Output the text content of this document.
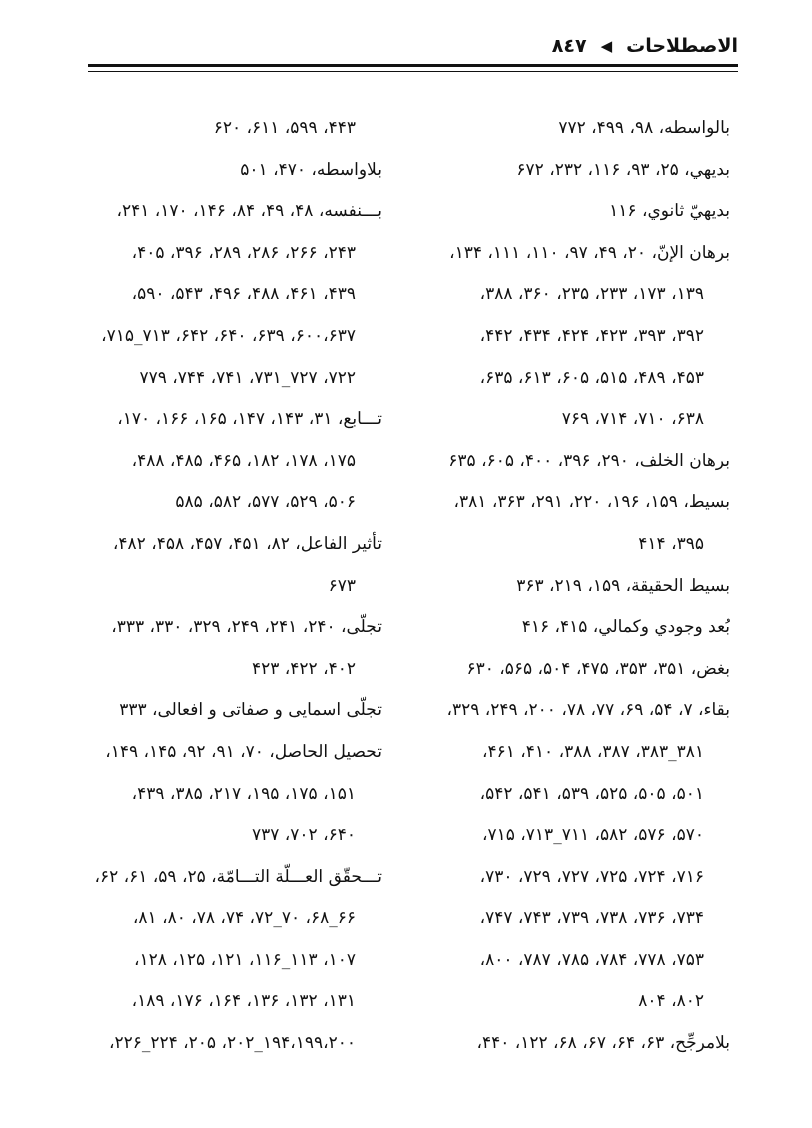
الاصطلاحات
◀
٨٤٧
بالواسطه، ۹۸، ۴۹۹، ۷۷۲
بديهي، ۲۵، ۹۳، ۱۱۶، ۲۳۲، ۶۷۲
بديهيّ ثانوي، ۱۱۶
برهان الإنّ، ۲۰، ۴۹، ۹۷، ۱۱۰، ۱۱۱، ۱۳۴،
۱۳۹، ۱۷۳، ۲۳۳، ۲۳۵، ۳۶۰، ۳۸۸،
۳۹۲، ۳۹۳، ۴۲۳، ۴۲۴، ۴۳۴، ۴۴۲،
۴۵۳، ۴۸۹، ۵۱۵، ۶۰۵، ۶۱۳، ۶۳۵،
۶۳۸، ۷۱۰، ۷۱۴، ۷۶۹
برهان الخلف، ۲۹۰، ۳۹۶، ۴۰۰، ۶۰۵، ۶۳۵
بسيط، ۱۵۹، ۱۹۶، ۲۲۰، ۲۹۱، ۳۶۳، ۳۸۱،
۳۹۵، ۴۱۴
بسيط الحقيقة، ۱۵۹، ۲۱۹، ۳۶۳
بُعد وجودي وكمالي، ۴۱۵، ۴۱۶
بغض، ۳۵۱، ۳۵۳، ۴۷۵، ۵۰۴، ۵۶۵، ۶۳۰
بقاء، ۷، ۵۴، ۶۹، ۷۷، ۷۸، ۲۰۰، ۲۴۹، ۳۲۹،
۳۸۱_۳۸۳، ۳۸۷، ۳۸۸، ۴۱۰، ۴۶۱،
۵۰۱، ۵۰۵، ۵۲۵، ۵۳۹، ۵۴۱، ۵۴۲،
۵۷۰، ۵۷۶، ۵۸۲، ۷۱۱_۷۱۳، ۷۱۵،
۷۱۶، ۷۲۴، ۷۲۵، ۷۲۷، ۷۲۹، ۷۳۰،
۷۳۴، ۷۳۶، ۷۳۸، ۷۳۹، ۷۴۳، ۷۴۷،
۷۵۳، ۷۷۸، ۷۸۴، ۷۸۵، ۷۸۷، ۸۰۰،
۸۰۲، ۸۰۴
بلامرجِّح، ۶۳، ۶۴، ۶۷، ۶۸، ۱۲۲، ۴۴۰،
۴۴۳، ۵۹۹، ۶۱۱، ۶۲۰
بلاواسطه، ۴۷۰، ۵۰۱
بـــنفسه، ۴۸، ۴۹، ۸۴، ۱۴۶، ۱۷۰، ۲۴۱،
۲۴۳، ۲۶۶، ۲۸۶، ۲۸۹، ۳۹۶، ۴۰۵،
۴۳۹، ۴۶۱، ۴۸۸، ۴۹۶، ۵۴۳، ۵۹۰،
۶۰۰،۶۳۷، ۶۳۹، ۶۴۰، ۶۴۲، ۷۱۳_۷۱۵،
۷۲۲، ۷۲۷_۷۳۱، ۷۴۱، ۷۴۴، ۷۷۹
تـــابع، ۳۱، ۱۴۳، ۱۴۷، ۱۶۵، ۱۶۶، ۱۷۰،
۱۷۵، ۱۷۸، ۱۸۲، ۴۶۵، ۴۸۵، ۴۸۸،
۵۰۶، ۵۲۹، ۵۷۷، ۵۸۲، ۵۸۵
تأثير الفاعل، ۸۲، ۴۵۱، ۴۵۷، ۴۵۸، ۴۸۲،
۶۷۳
تجلّی، ۲۴۰، ۲۴۱، ۲۴۹، ۳۲۹، ۳۳۰، ۳۳۳،
۴۰۲، ۴۲۲، ۴۲۳
تجلّی اسمايی و صفاتی و افعالی، ۳۳۳
تحصيل الحاصل، ۷۰، ۹۱، ۹۲، ۱۴۵، ۱۴۹،
۱۵۱، ۱۷۵، ۱۹۵، ۲۱۷، ۳۸۵، ۴۳۹،
۶۴۰، ۷۰۲، ۷۳۷
تـــحقّق العـــلّة التـــامّة، ۲۵، ۵۹، ۶۱، ۶۲،
۶۶_۶۸، ۷۰_۷۲، ۷۴، ۷۸، ۸۰، ۸۱،
۱۰۷، ۱۱۳_۱۱۶، ۱۲۱، ۱۲۵، ۱۲۸،
۱۳۱، ۱۳۲، ۱۳۶، ۱۶۴، ۱۷۶، ۱۸۹،
۱۹۴،۱۹۹،۲۰۰_۲۰۲، ۲۰۵، ۲۲۴_۲۲۶،
